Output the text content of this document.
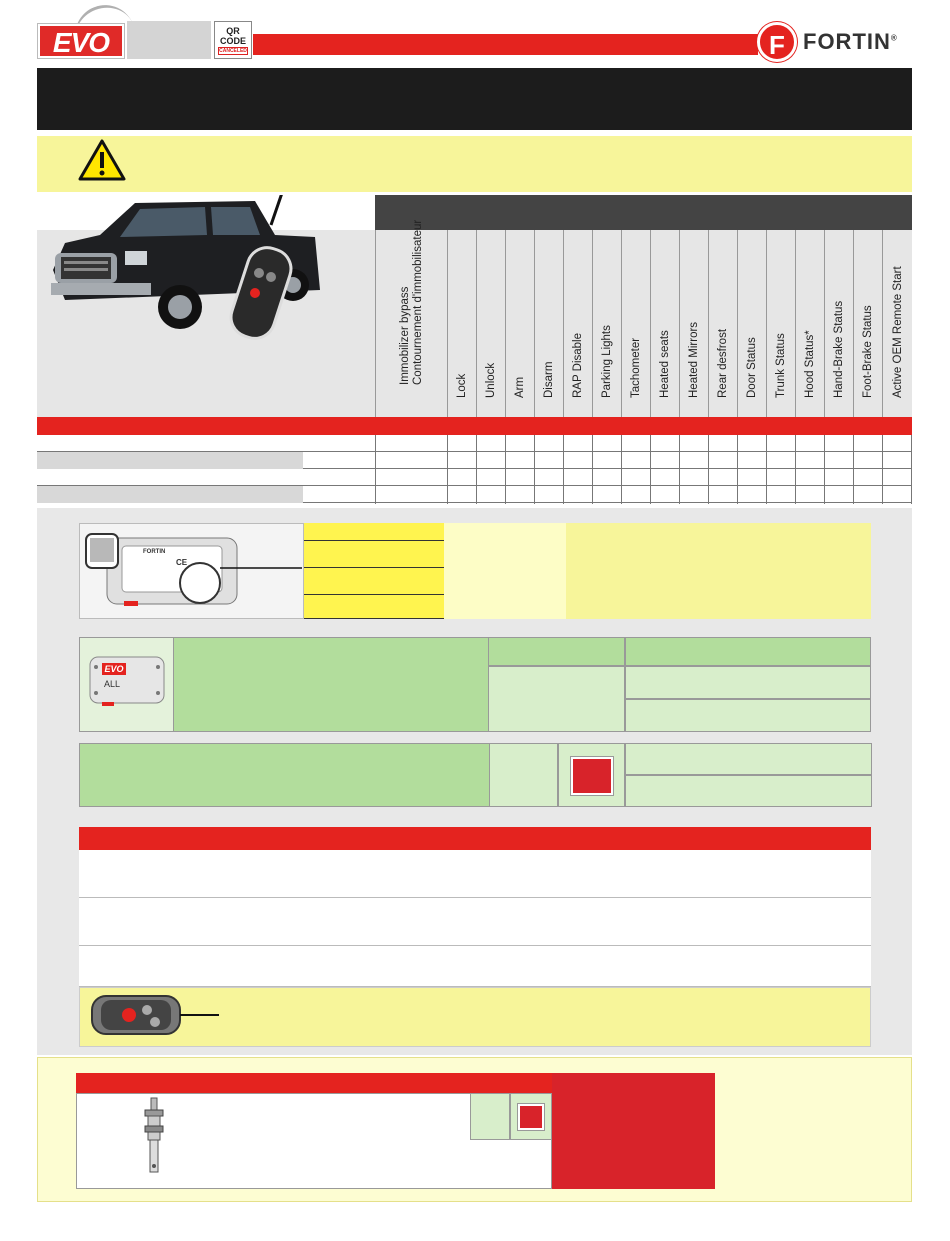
EVO	QR
CODE
CANCELED	F FORTIN®
Immobilizer bypass Contournement d'immobilisateur
Lock Unlock Arm Disarm RAP Disable Parking Lights Tachometer Heated seats Heated Mirrors Rear desfrost Door Status Trunk Status Hood Status* Hand-Brake Status Foot-Brake Status Active OEM Remote Start
FORTIN
CE
EVO
ALL
